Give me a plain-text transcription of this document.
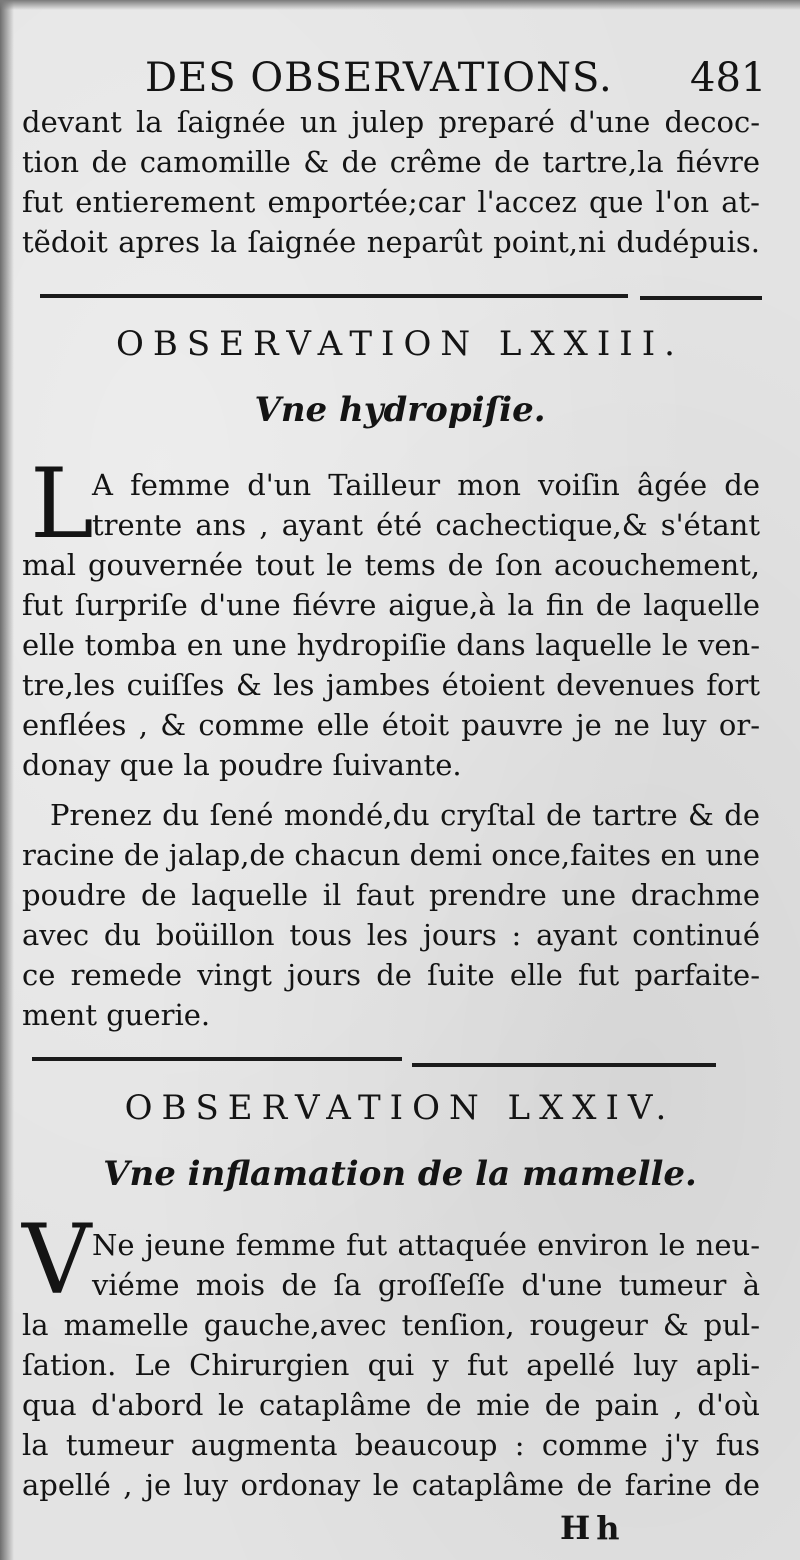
DES OBSERVATIONS. 481
devant la ſaignée un julep preparé d'une decoc-
tion de camomille & de crême de tartre,la fiévre
fut entierement emportée;car l'accez que l'on at-
tẽdoit apres la ſaignée neparût point,ni dudépuis.
OBSERVATION LXXIII.
Vne hydropiſie.
L
A femme d'un Tailleur mon voiſin âgée de
trente ans , ayant été cachectique,& s'étant
mal gouvernée tout le tems de ſon acouchement,
fut ſurpriſe d'une fiévre aigue,à la fin de laquelle
elle tomba en une hydropiſie dans laquelle le ven-
tre,les cuiſſes & les jambes étoient devenues fort
enflées , & comme elle étoit pauvre je ne luy or-
donay que la poudre ſuivante.
Prenez du ſené mondé,du cryſtal de tartre & de
racine de jalap,de chacun demi once,faites en une
poudre de laquelle il faut prendre une drachme
avec du boüillon tous les jours : ayant continué
ce remede vingt jours de ſuite elle fut parfaite-
ment guerie.
OBSERVATION LXXIV.
Vne inflamation de la mamelle.
V Ne jeune femme fut attaquée environ le neu-
viéme mois de ſa groſſeſſe d'une tumeur à
la mamelle gauche,avec tenſion, rougeur & pul-
ſation. Le Chirurgien qui y fut apellé luy apli-
qua d'abord le cataplâme de mie de pain , d'où
la tumeur augmenta beaucoup : comme j'y fus
apellé , je luy ordonay le cataplâme de farine de
Hh
